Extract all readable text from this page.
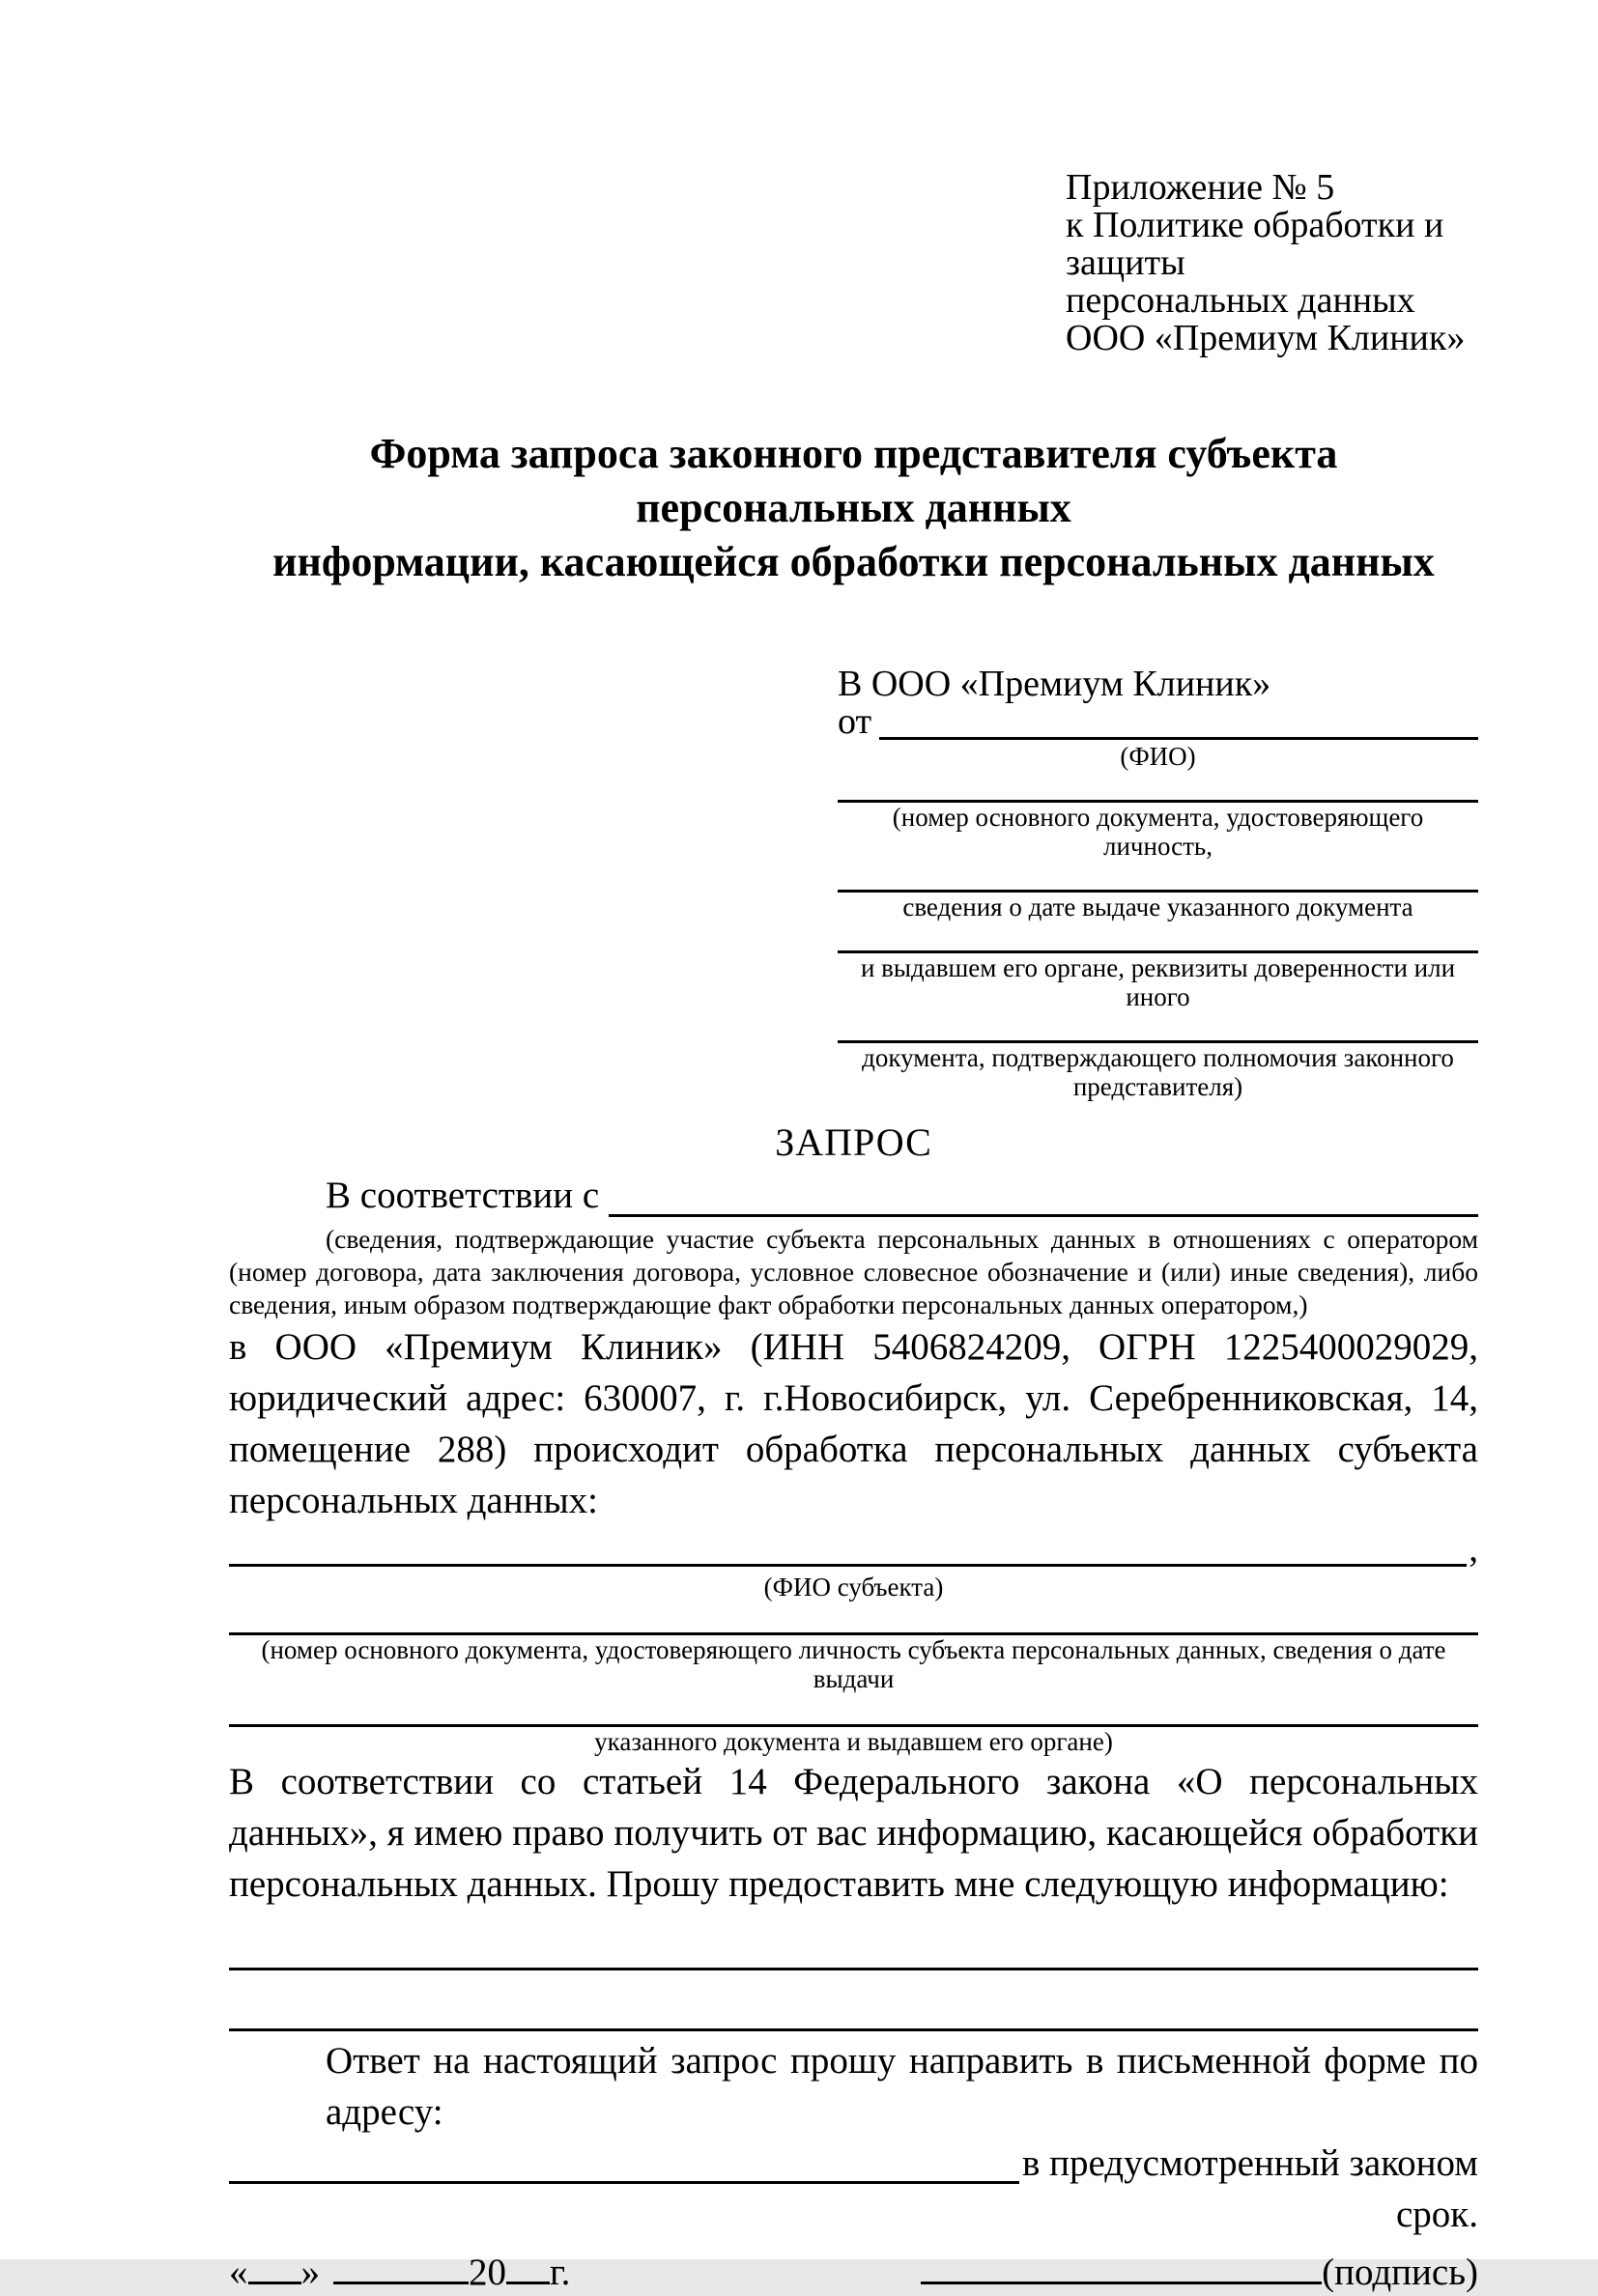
Приложение № 5
к Политике обработки и защиты
персональных данных
ООО «Премиум Клиник»
Форма запроса законного представителя субъекта персональных данных
информации, касающейся обработки персональных данных
В ООО «Премиум Клиник»
от
(ФИО)
(номер основного документа, удостоверяющего личность,
сведения о дате выдаче указанного документа
и выдавшем его органе, реквизиты доверенности или иного
документа, подтверждающего полномочия законного представителя)
ЗАПРОС
В соответствии с
(сведения, подтверждающие участие субъекта персональных данных в отношениях с оператором (номер договора, дата заключения договора, условное словесное обозначение и (или) иные сведения), либо сведения, иным образом подтверждающие факт обработки персональных данных оператором,)

в ООО «Премиум Клиник» (ИНН 5406824209, ОГРН 1225400029029, юридический адрес: 630007, г. г.Новосибирск, ул. Серебренниковская, 14, помещение 288) происходит обработка персональных данных субъекта персональных данных:

,
(ФИО субъекта)
(номер основного документа, удостоверяющего личность субъекта персональных данных, сведения о дате выдачи
указанного документа и выдавшем его органе)

В соответствии со статьей 14 Федерального закона «О персональных данных», я имею право получить от вас информацию, касающейся обработки персональных данных. Прошу предоставить мне следующую информацию:

Ответ на настоящий запрос прошу направить в письменной форме по адресу:
в предусмотренный законом срок.
« »	20 г.	(подпись)
